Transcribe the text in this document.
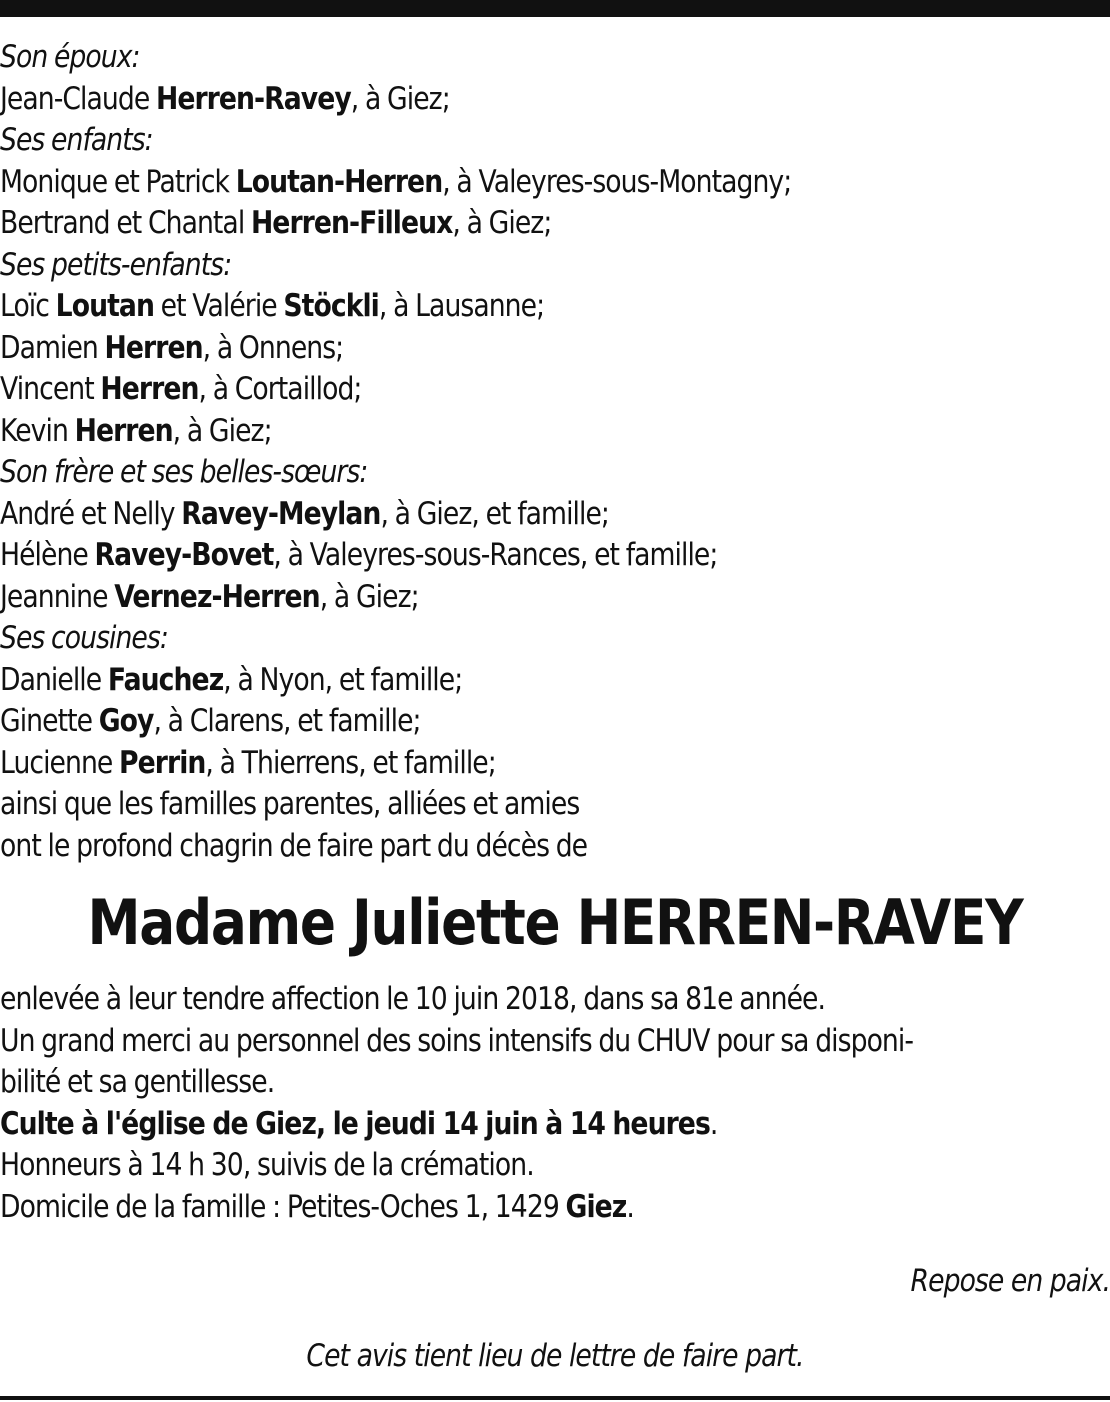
Son époux:
Jean-Claude Herren-Ravey, à Giez;
Ses enfants:
Monique et Patrick Loutan-Herren, à Valeyres-sous-Montagny;
Bertrand et Chantal Herren-Filleux, à Giez;
Ses petits-enfants:
Loïc Loutan et Valérie Stöckli, à Lausanne;
Damien Herren, à Onnens;
Vincent Herren, à Cortaillod;
Kevin Herren, à Giez;
Son frère et ses belles-sœurs:
André et Nelly Ravey-Meylan, à Giez, et famille;
Hélène Ravey-Bovet, à Valeyres-sous-Rances, et famille;
Jeannine Vernez-Herren, à Giez;
Ses cousines:
Danielle Fauchez, à Nyon, et famille;
Ginette Goy, à Clarens, et famille;
Lucienne Perrin, à Thierrens, et famille;
ainsi que les familles parentes, alliées et amies
ont le profond chagrin de faire part du décès de
Madame Juliette HERREN-RAVEY
enlevée à leur tendre affection le 10 juin 2018, dans sa 81e année.
Un grand merci au personnel des soins intensifs du CHUV pour sa disponi-
bilité et sa gentillesse.
Culte à l'église de Giez, le jeudi 14 juin à 14 heures.
Honneurs à 14 h 30, suivis de la crémation.
Domicile de la famille : Petites-Oches 1, 1429 Giez.
Repose en paix.
Cet avis tient lieu de lettre de faire part.
